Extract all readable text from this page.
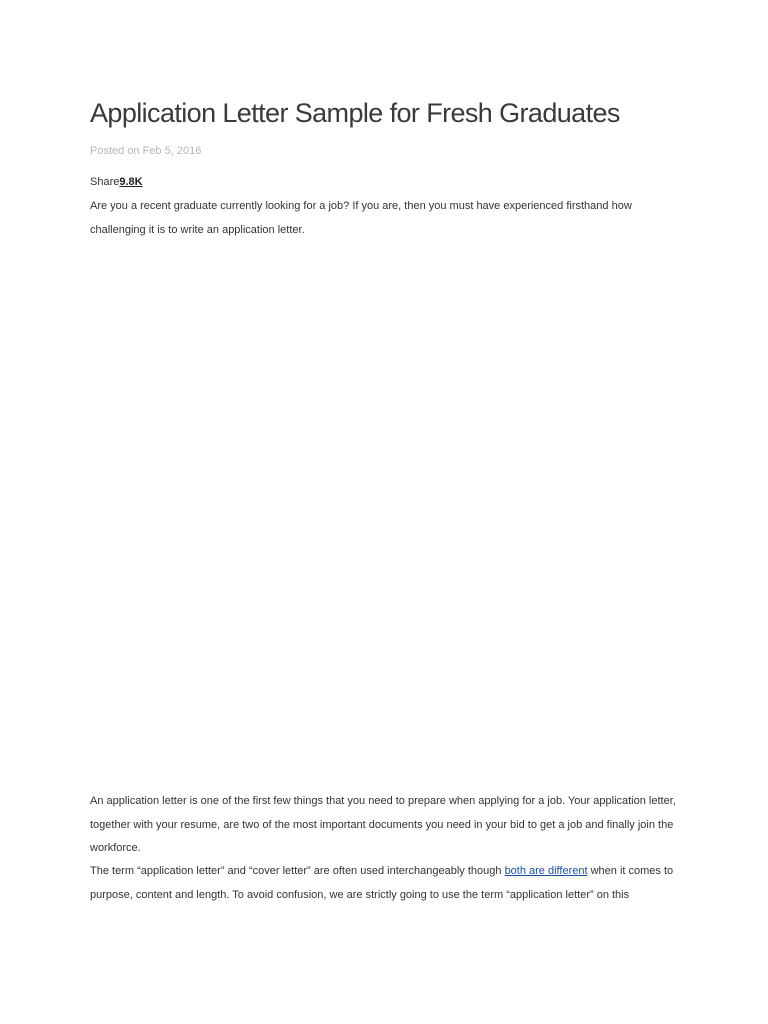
Application Letter Sample for Fresh Graduates
Posted on Feb 5, 2016
Share9.8K

Are you a recent graduate currently looking for a job? If you are, then you must have experienced firsthand how challenging it is to write an application letter.

An application letter is one of the first few things that you need to prepare when applying for a job. Your application letter, together with your resume, are two of the most important documents you need in your bid to get a job and finally join the workforce.

The term “application letter” and “cover letter” are often used interchangeably though both are different when it comes to purpose, content and length. To avoid confusion, we are strictly going to use the term “application letter” on this
